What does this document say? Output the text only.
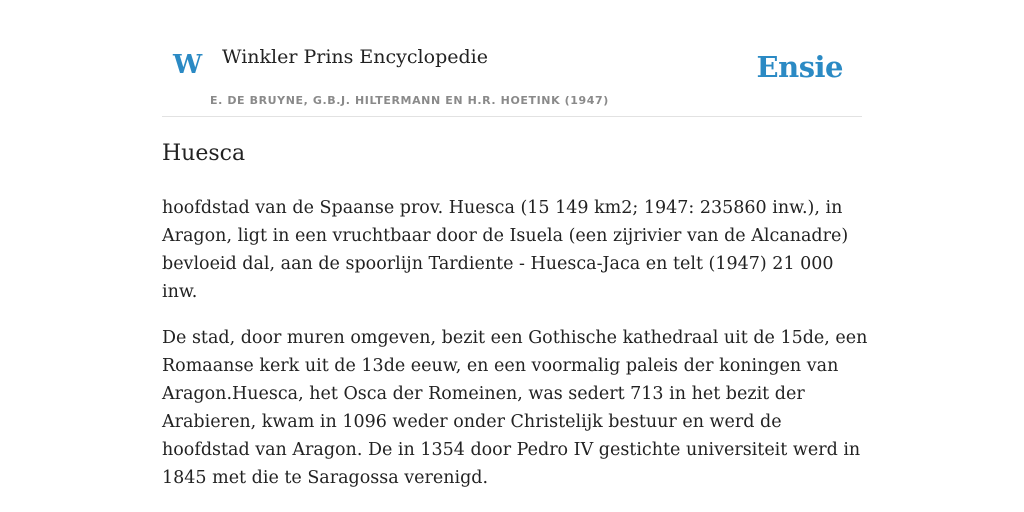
W Winkler Prins Encyclopedie
E. DE BRUYNE, G.B.J. HILTERMANN EN H.R. HOETINK (1947)
Ensie
Huesca

hoofdstad van de Spaanse prov. Huesca (15 149 km2; 1947: 235860 inw.), in Aragon, ligt in een vruchtbaar door de Isuela (een zijrivier van de Alcanadre) bevloeid dal, aan de spoorlijn Tardiente - Huesca-Jaca en telt (1947) 21 000 inw.

De stad, door muren omgeven, bezit een Gothische kathedraal uit de 15de, een Romaanse kerk uit de 13de eeuw, en een voormalig paleis der koningen van Aragon.Huesca, het Osca der Romeinen, was sedert 713 in het bezit der Arabieren, kwam in 1096 weder onder Christelijk bestuur en werd de hoofdstad van Aragon. De in 1354 door Pedro IV gestichte universiteit werd in 1845 met die te Saragossa verenigd.
